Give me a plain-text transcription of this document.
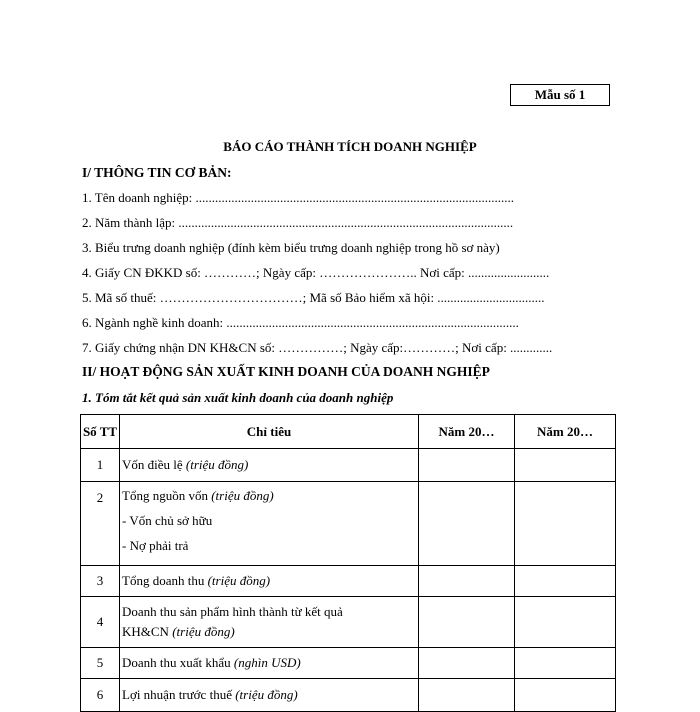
Mẫu số 1
BÁO CÁO THÀNH TÍCH DOANH NGHIỆP
I/ THÔNG TIN CƠ BẢN:
1. Tên doanh nghiệp: ..................................................................................................
2. Năm thành lập: .......................................................................................................
3. Biểu trưng doanh nghiệp (đính kèm biểu trưng doanh nghiệp trong hồ sơ này)
4. Giấy CN ĐKKD số: …………; Ngày cấp: ………………….. Nơi cấp: .........................
5. Mã số thuế: ……………………………; Mã số Bảo hiểm xã hội: .................................
6. Ngành nghề kinh doanh: ..........................................................................................
7. Giấy chứng nhận DN KH&CN số: ……………; Ngày cấp:…………; Nơi cấp: .............
II/ HOẠT ĐỘNG SẢN XUẤT KINH DOANH CỦA DOANH NGHIỆP
1. Tóm tắt kết quả sản xuất kinh doanh của doanh nghiệp
Số TT	Chỉ tiêu	Năm 20…	Năm 20…
1	Vốn điều lệ (triệu đồng)		
2	Tổng nguồn vốn (triệu đồng)
- Vốn chủ sở hữu
- Nợ phải trả		

3	Tổng doanh thu (triệu đồng)		
4	Doanh thu sản phẩm hình thành từ kết quả
KH&CN (triệu đồng)		

5	Doanh thu xuất khẩu (nghìn USD)		
6	Lợi nhuận trước thuế (triệu đồng)		
